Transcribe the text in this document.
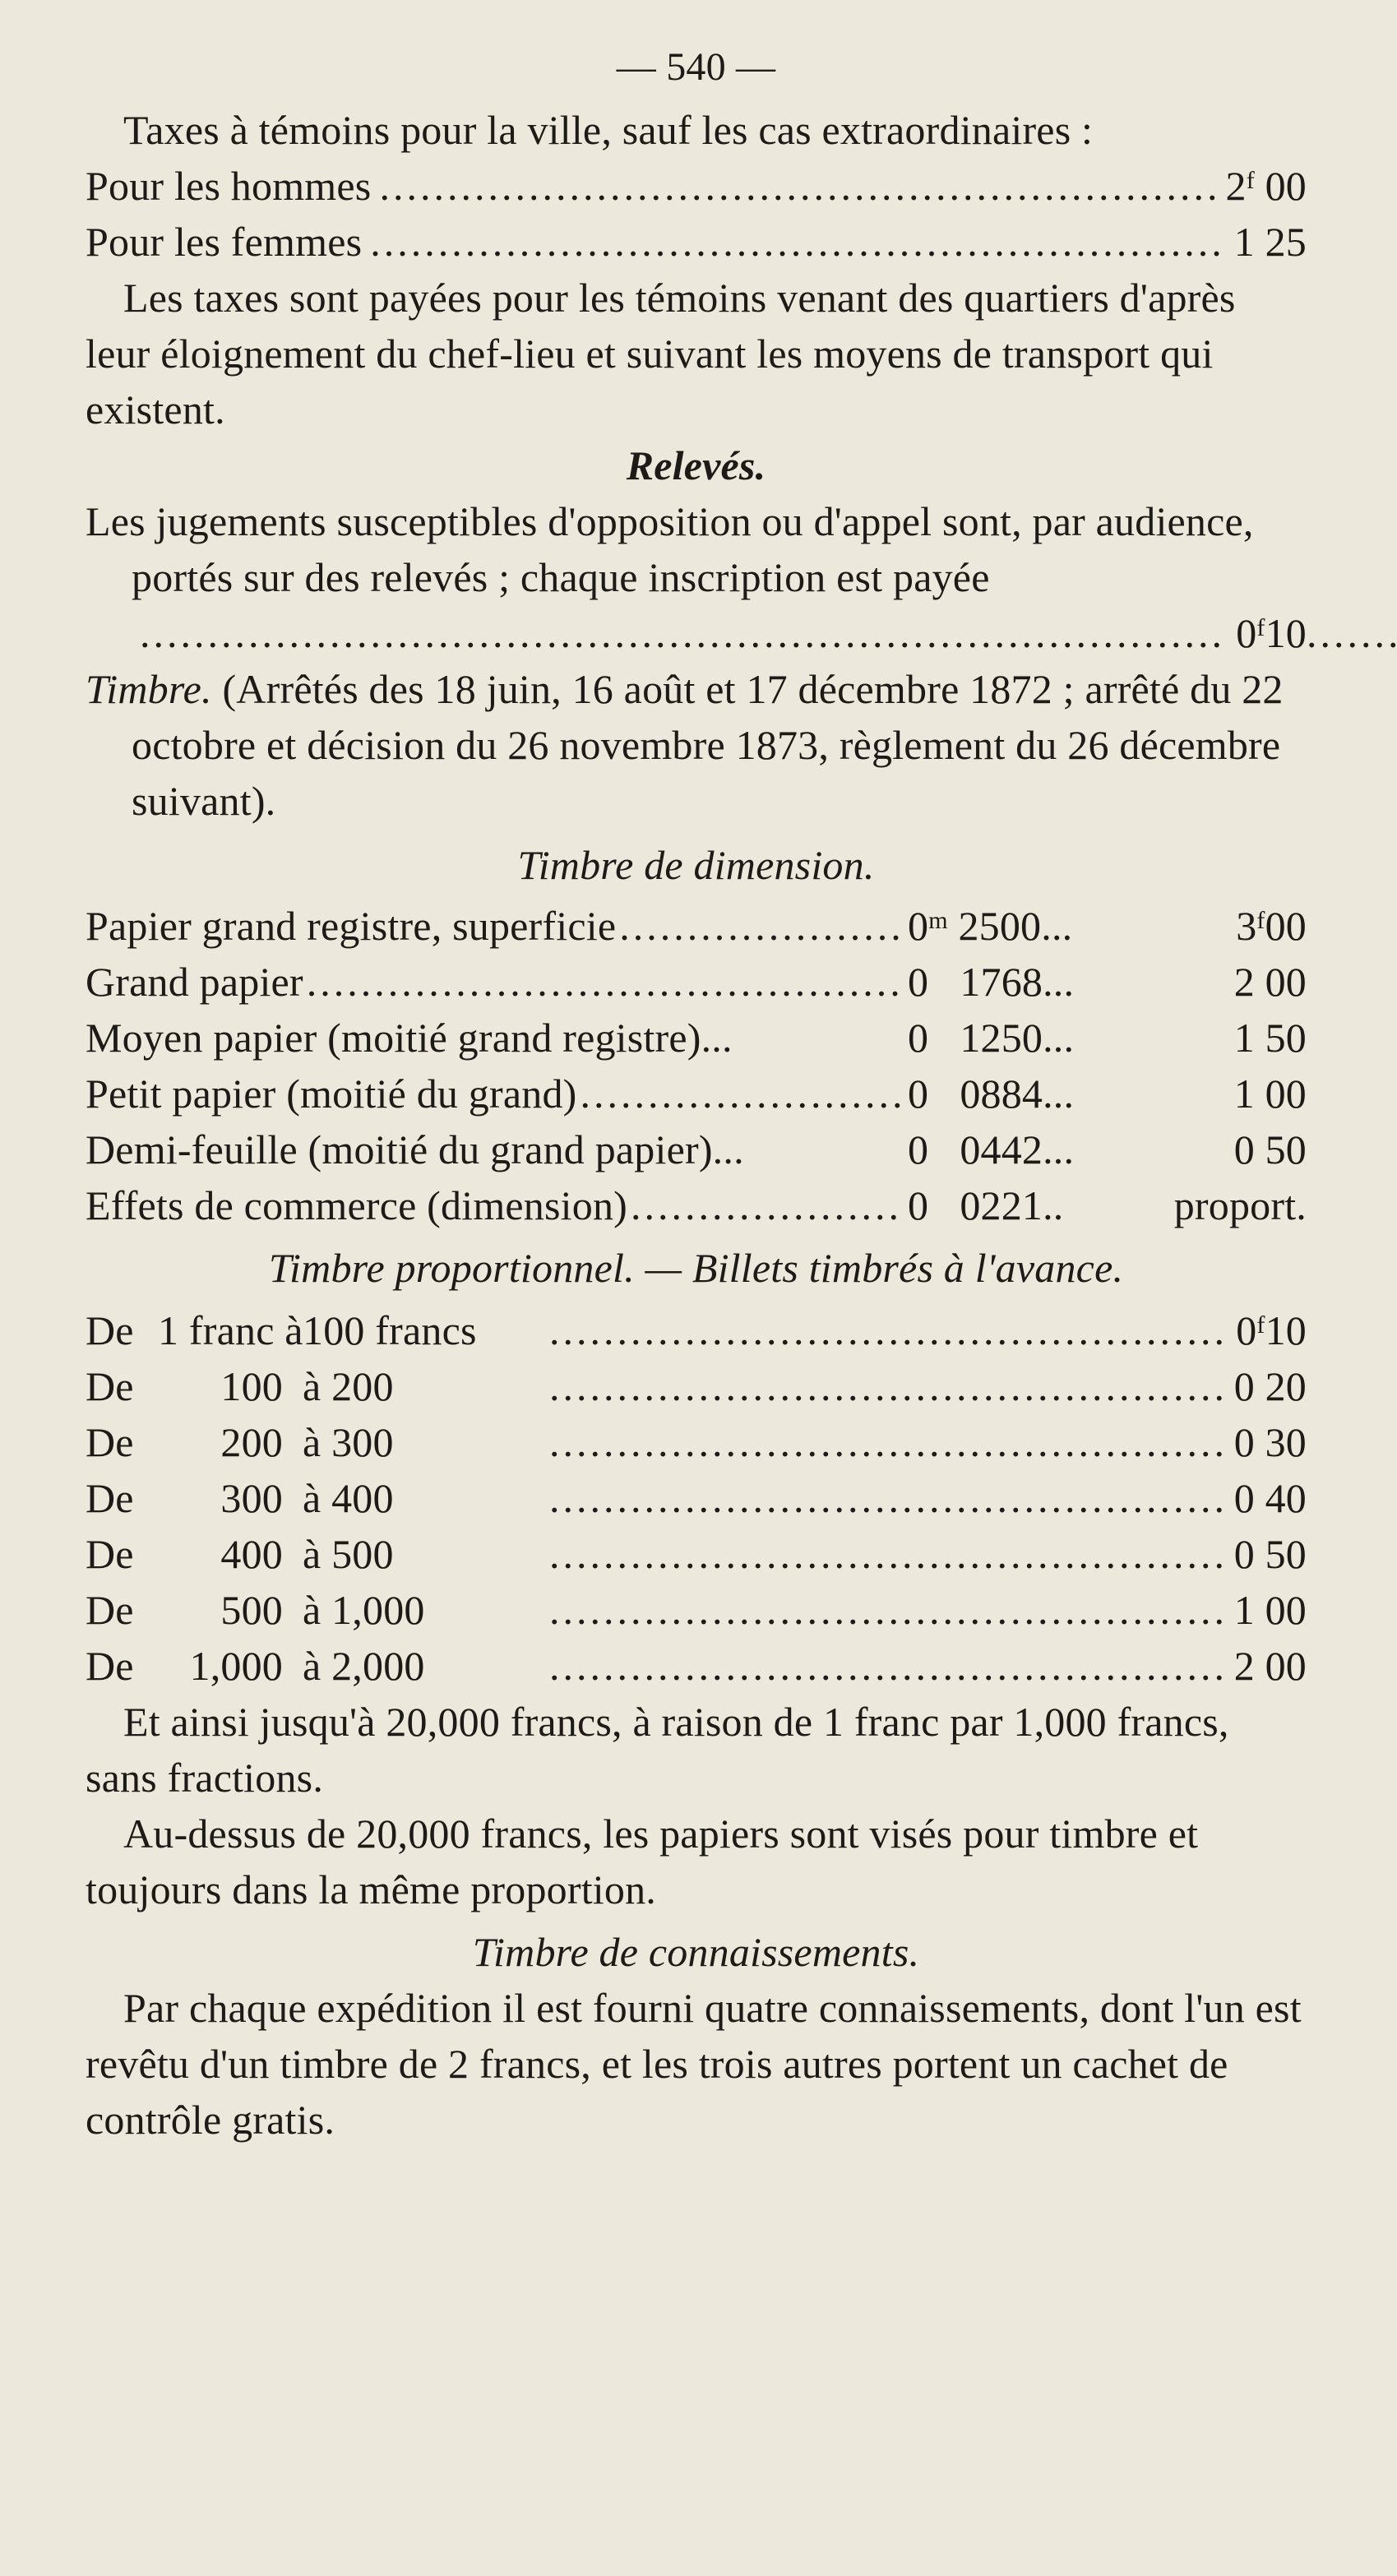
— 540 —

Taxes à témoins pour la ville, sauf les cas extraordinaires :

Pour les hommes .....	2$^f$ 00
Pour les femmes .....	1 25

Les taxes sont payées pour les témoins venant des quartiers d'après leur éloignement du chef-lieu et suivant les moyens de transport qui existent.

Relevés.

Les jugements susceptibles d'opposition ou d'appel sont, par audience, portés sur des relevés ; chaque inscription est payée .....
0$^f$10

Timbre. (Arrêtés des 18 juin, 16 août et 17 décembre 1872 ; arrêté du 22 octobre et décision du 26 novembre 1873, règlement du 26 décembre suivant).

Timbre de dimension.

Papier grand registre, superficie .....	0$^m$ 2500...	3$^f$00
Grand papier .....	0 1768...	2 00
Moyen papier (moitié grand registre)...	0 1250...	1 50
Petit papier (moitié du grand) .....	0 0884...	1 00
Demi-feuille (moitié du grand papier)...	0 0442...	0 50
Effets de commerce (dimension) .....	0 0221..	proport.

Timbre proportionnel. — Billets timbrés à l'avance.

De 1 franc à 100 francs .....	0$^f$10
De	100 à 200 .....	0 20
De	200 à 300 .....	0 30
De	300 à 400 .....	0 40
De	400 à 500 .....	0 50
De	500 à 1,000 .....	1 00
De	1,000 à 2,000 .....	2 00

Et ainsi jusqu'à 20,000 francs, à raison de 1 franc par 1,000 francs, sans fractions.

Au-dessus de 20,000 francs, les papiers sont visés pour timbre et toujours dans la même proportion.

Timbre de connaissements.

Par chaque expédition il est fourni quatre connaissements, dont l'un est revêtu d'un timbre de 2 francs, et les trois autres portent un cachet de contrôle gratis.
